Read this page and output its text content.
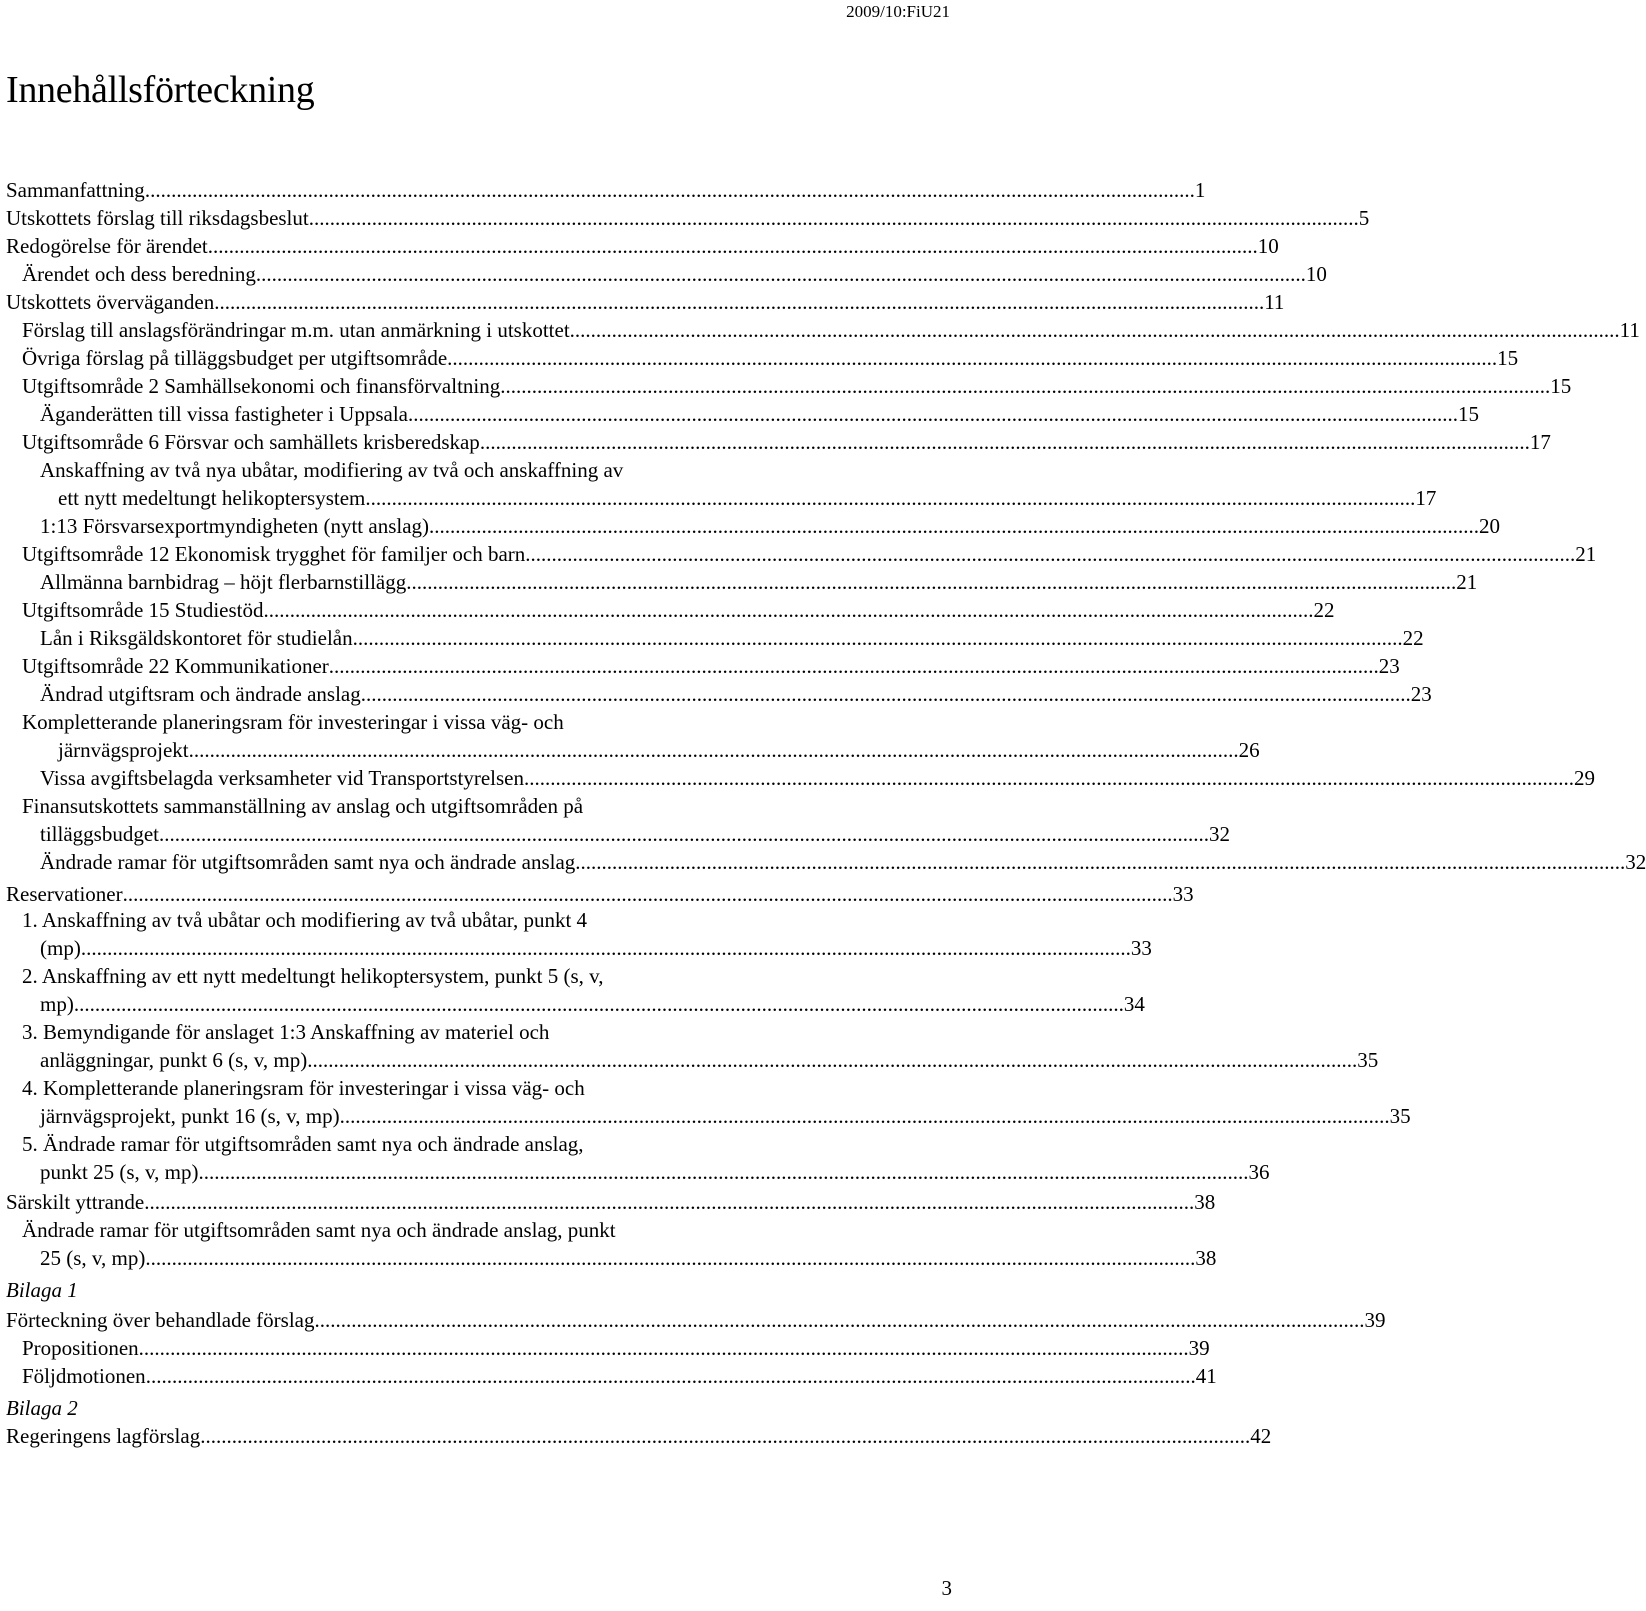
2009/10:FiU21
Innehållsförteckning
Sammanfattning ........................................................................................................................................................................................................ 1
Utskottets förslag till riksdagsbeslut ........................................................................................................................................................................................................ 5
Redogörelse för ärendet ........................................................................................................................................................................................................ 10
Ärendet och dess beredning ........................................................................................................................................................................................................ 10
Utskottets överväganden ........................................................................................................................................................................................................ 11
Förslag till anslagsförändringar m.m. utan anmärkning i utskottet ........................................................................................................................................................................................................ 11
Övriga förslag på tilläggsbudget per utgiftsområde ........................................................................................................................................................................................................ 15
Utgiftsområde 2 Samhällsekonomi och finansförvaltning ........................................................................................................................................................................................................ 15
Äganderätten till vissa fastigheter i Uppsala ........................................................................................................................................................................................................ 15
Utgiftsområde 6 Försvar och samhällets krisberedskap ........................................................................................................................................................................................................ 17
Anskaffning av två nya ubåtar, modifiering av två och anskaffning av
ett nytt medeltungt helikoptersystem ........................................................................................................................................................................................................ 17
1:13 Försvarsexportmyndigheten (nytt anslag) ........................................................................................................................................................................................................ 20
Utgiftsområde 12 Ekonomisk trygghet för familjer och barn ........................................................................................................................................................................................................ 21
Allmänna barnbidrag – höjt flerbarnstillägg ........................................................................................................................................................................................................ 21
Utgiftsområde 15 Studiestöd ........................................................................................................................................................................................................ 22
Lån i Riksgäldskontoret för studielån ........................................................................................................................................................................................................ 22
Utgiftsområde 22 Kommunikationer ........................................................................................................................................................................................................ 23
Ändrad utgiftsram och ändrade anslag ........................................................................................................................................................................................................ 23
Kompletterande planeringsram för investeringar i vissa väg- och
järnvägsprojekt ........................................................................................................................................................................................................ 26
Vissa avgiftsbelagda verksamheter vid Transportstyrelsen ........................................................................................................................................................................................................ 29
Finansutskottets sammanställning av anslag och utgiftsområden på
tilläggsbudget ........................................................................................................................................................................................................ 32
Ändrade ramar för utgiftsområden samt nya och ändrade anslag ........................................................................................................................................................................................................ 32
Reservationer ........................................................................................................................................................................................................ 33
1. Anskaffning av två ubåtar och modifiering av två ubåtar, punkt 4
(mp) ........................................................................................................................................................................................................ 33
2. Anskaffning av ett nytt medeltungt helikoptersystem, punkt 5 (s, v,
mp) ........................................................................................................................................................................................................ 34
3. Bemyndigande för anslaget 1:3 Anskaffning av materiel och
anläggningar, punkt 6 (s, v, mp) ........................................................................................................................................................................................................ 35
4. Kompletterande planeringsram för investeringar i vissa väg- och
järnvägsprojekt, punkt 16 (s, v, mp) ........................................................................................................................................................................................................ 35
5. Ändrade ramar för utgiftsområden samt nya och ändrade anslag,
punkt 25 (s, v, mp) ........................................................................................................................................................................................................ 36
Särskilt yttrande ........................................................................................................................................................................................................ 38
Ändrade ramar för utgiftsområden samt nya och ändrade anslag, punkt
25 (s, v, mp) ........................................................................................................................................................................................................ 38
Bilaga 1
Förteckning över behandlade förslag ........................................................................................................................................................................................................ 39
Propositionen ........................................................................................................................................................................................................ 39
Följdmotionen ........................................................................................................................................................................................................ 41
Bilaga 2
Regeringens lagförslag ........................................................................................................................................................................................................ 42
3
